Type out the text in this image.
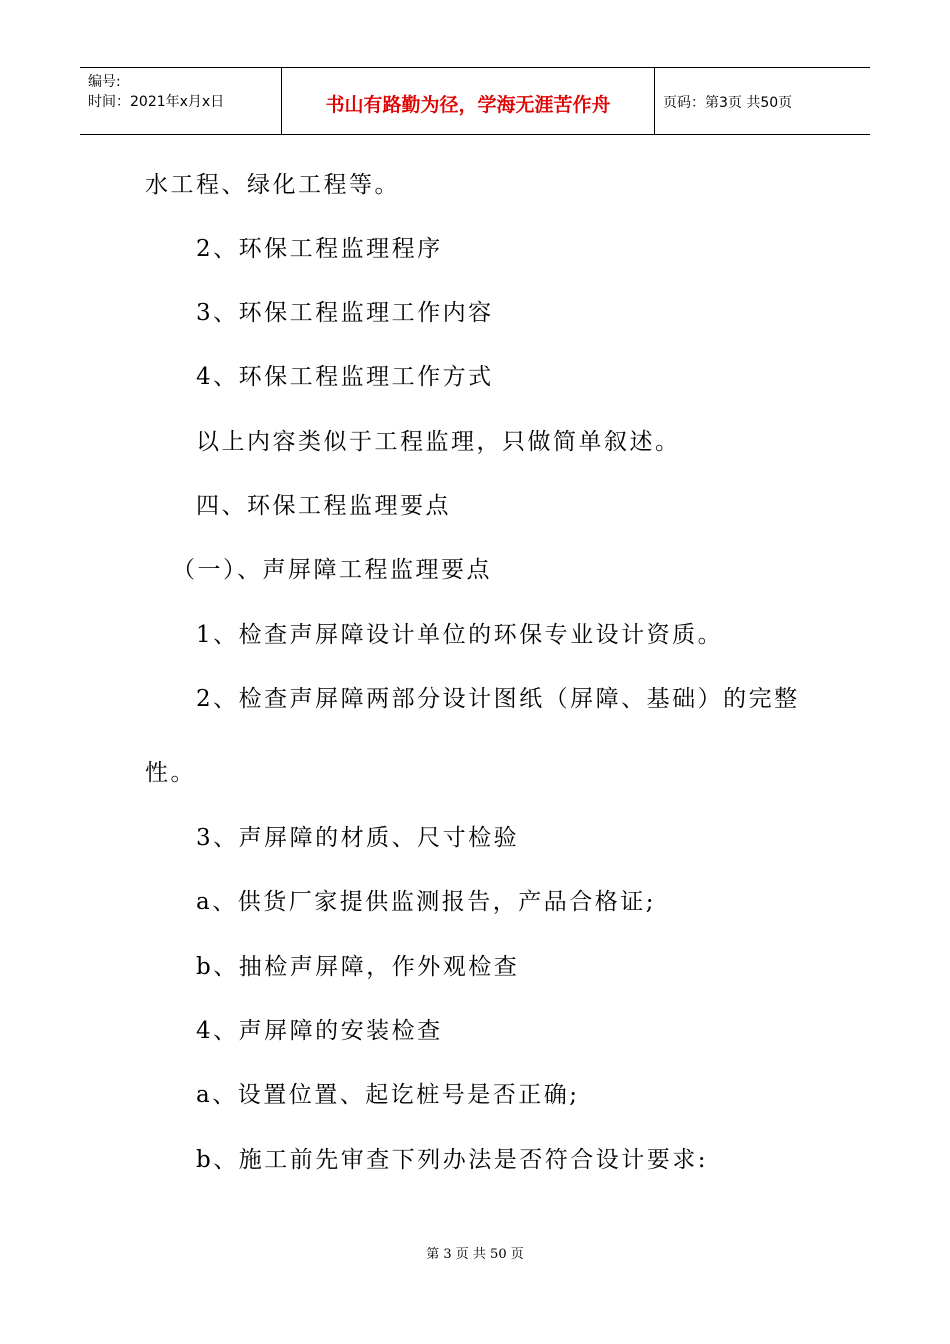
编号:
时间：2021年x月x日	书山有路勤为径，学海无涯苦作舟	页码：第3页 共50页
水工程、绿化工程等。
2、环保工程监理程序
3、环保工程监理工作内容
4、环保工程监理工作方式
以上内容类似于工程监理，只做简单叙述。
四、环保工程监理要点
（一）、声屏障工程监理要点
1、检查声屏障设计单位的环保专业设计资质。
2、检查声屏障两部分设计图纸（屏障、基础）的完整
性。
3、声屏障的材质、尺寸检验
a、供货厂家提供监测报告，产品合格证;
b、抽检声屏障，作外观检查
4、声屏障的安装检查
a、设置位置、起讫桩号是否正确;
b、施工前先审查下列办法是否符合设计要求:
第 3 页 共 50 页
